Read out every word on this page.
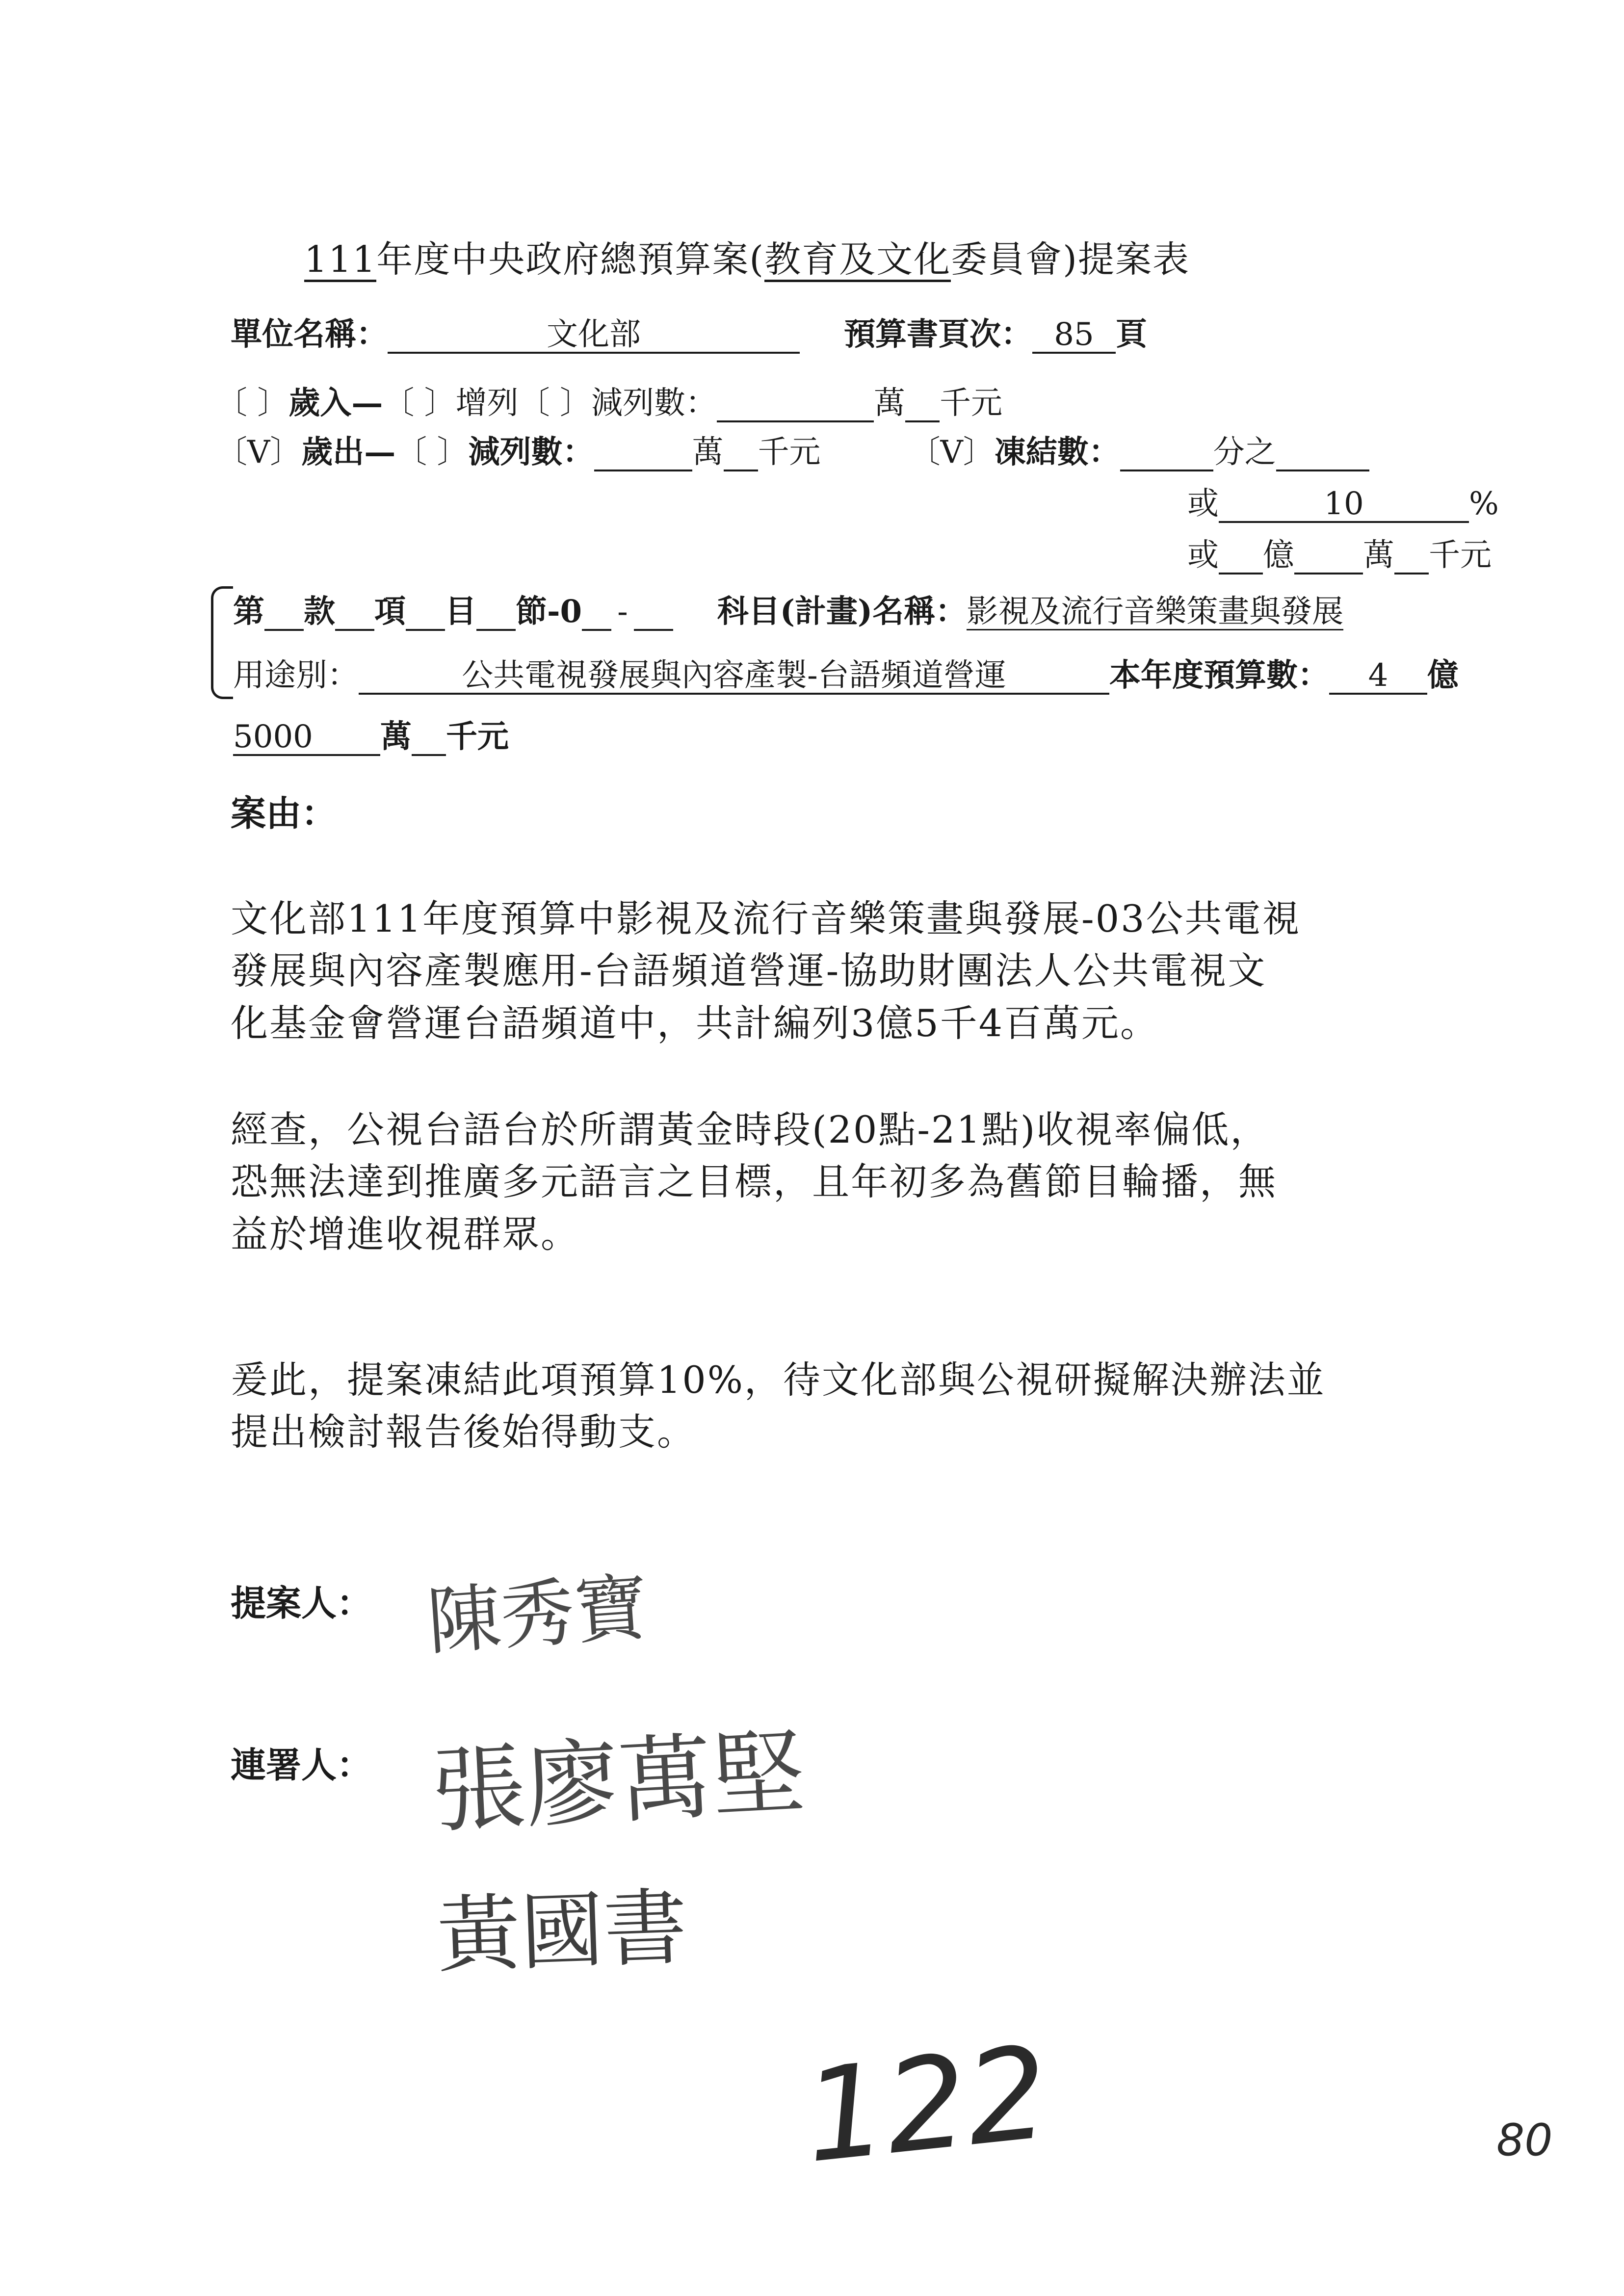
111年度中央政府總預算案(教育及文化委員會)提案表
單位名稱：	文化部	預算書頁次： 85 頁
〔 〕歲入—〔 〕增列〔 〕減列數：	萬 千元
〔V〕歲出—〔 〕減列數：	萬 千元	〔V〕凍結數：	分之
或	10	%
或 億 萬 千元
第 款 項 目 節-0 -	科目(計畫)名稱：影視及流行音樂策畫與發展
用途別：	公共電視發展與內容產製-台語頻道營運	本年度預算數： 4 億
5000 萬 千元
案由：
文化部111年度預算中影視及流行音樂策畫與發展-03公共電視
發展與內容產製應用-台語頻道營運-協助財團法人公共電視文
化基金會營運台語頻道中，共計編列3億5千4百萬元。
經查，公視台語台於所謂黃金時段(20點-21點)收視率偏低，
恐無法達到推廣多元語言之目標，且年初多為舊節目輪播，無
益於增進收視群眾。
爰此，提案凍結此項預算10%，待文化部與公視研擬解決辦法並
提出檢討報告後始得動支。
提案人： 陳秀寶
連署人： 張廖萬堅
黃國書
122	80
